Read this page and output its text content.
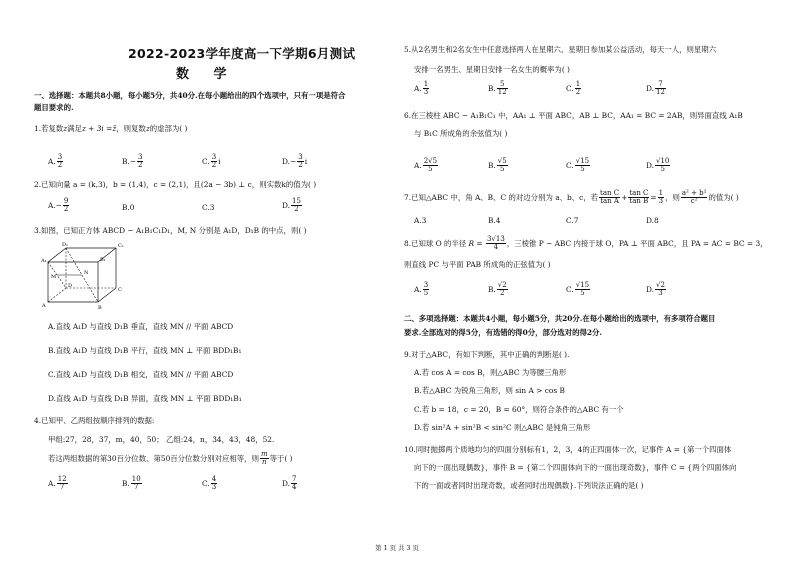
2022-2023学年度高一下学期6月测试
数 学
一、选择题：本题共8小题，每小题5分，共40分.在每小题给出的四个选项中，只有一项是符合
题目要求的.
1.若复数z满足z + 3i =z̄，则复数z的虚部为( )
A. $\frac{3}{2}$	$B.- \frac{3}{2}$	C. $\frac{3}{2}$ i	$D.- \frac{3}{2}$ i
2.已知向量 a = (k,3)，b = (1,4)，c = (2,1)，且(2a − 3b) ⊥ c，则实数k的值为( )
$A.- \frac{9}{2}$	B.0	C.3	D. $\frac{15}{2}$
3.如图，已知正方体 ABCD − A₁B₁C₁D₁，M, N 分别是 A₁D，D₁B 的中点，则( )
D₁	C₁
A₁	B₁
D
C
A	B
M
N
A.直线 A₁D 与直线 D₁B 垂直，直线 MN // 平面 ABCD
B.直线 A₁D 与直线 D₁B 平行，直线 MN ⊥ 平面 BDD₁B₁
C.直线 A₁D 与直线 D₁B 相交，直线 MN // 平面 ABCD
D.直线 A₁D 与直线 D₁B 异面，直线 MN ⊥ 平面 BDD₁B₁
4.已知甲、乙两组按顺序排列的数据:
甲组:27，28，37，m，40，50； 乙组:24，n，34，43，48，52.
若这两组数据的第30百分位数、第50百分位数分别对应相等，则 $\frac{m}{n}$ 等于( )
A. $\frac{12}{7}$	B. $\frac{10}{7}$	C. $\frac{4}{3}$	D. $\frac{7}{4}$
5.从2名男生和2名女生中任意选择两人在星期六、星期日参加某公益活动，每天一人，则星期六
安排一名男生、星期日安排一名女生的概率为( )
A. $\frac{1}{3}$	B. $\frac{5}{12}$	C. $\frac{1}{2}$	D. $\frac{7}{12}$
6.在三棱柱 ABC − A₁B₁C₁ 中，AA₁ ⊥ 平面 ABC，AB ⊥ BC，AA₁ = BC = 2AB，则异面直线 A₁B
与 B₁C 所成角的余弦值为( )
A. $\frac{2√5}{5}$	B. $\frac{√5}{5}$	C. $\frac{√15}{5}$	D. $\frac{√10}{5}$
7.已知△ABC 中，角 A、B、C 的对边分别为 a、b、c，若 $\frac{\text{tan C}}{\text{tan A}} + \frac{\text{tan C}}{\text{tan B}} = \frac{1}{3}$ ，则 $\frac{\text{a² + b²}}{\text{c²}}$ 的值为( )
A.3	B.4	C.7	D.8
8.已知球 O 的半径 $R = \frac{3√13}{4}$ ，三棱锥 P − ABC 内接于球 O，PA ⊥ 平面 ABC，且 PA = AC = BC = 3，
则直线 PC 与平面 PAB 所成角的正弦值为( )
A. $\frac{3}{5}$	B. $\frac{√2}{2}$	C. $\frac{√15}{5}$	D. $\frac{√2}{3}$
二、多项选择题：本题共4小题，每小题5分，共20分.在每小题给出的选项中，有多项符合题目
要求.全部选对的得5分，有选错的得0分，部分选对的得2分.
9.对于△ABC，有如下判断，其中正确的判断是( ).
A.若 cos A = cos B，则△ABC 为等腰三角形
B.若△ABC 为锐角三角形，则 sin A > cos B
C.若 b = 18，c = 20，B = 60°，则符合条件的△ABC 有一个
D.若 sin²A + sin²B < sin²C 则△ABC 是钝角三角形
10.同时抛掷两个质地均匀的四面分别标有1，2，3，4的正四面体一次，记事件 A = {第一个四面体
向下的一面出现偶数}，事件 B = {第二个四面体向下的一面出现奇数}，事件 C = {两个四面体向
下的一面或者同时出现奇数，或者同时出现偶数}.下列说法正确的是( )
第 1 页 共 3 页
